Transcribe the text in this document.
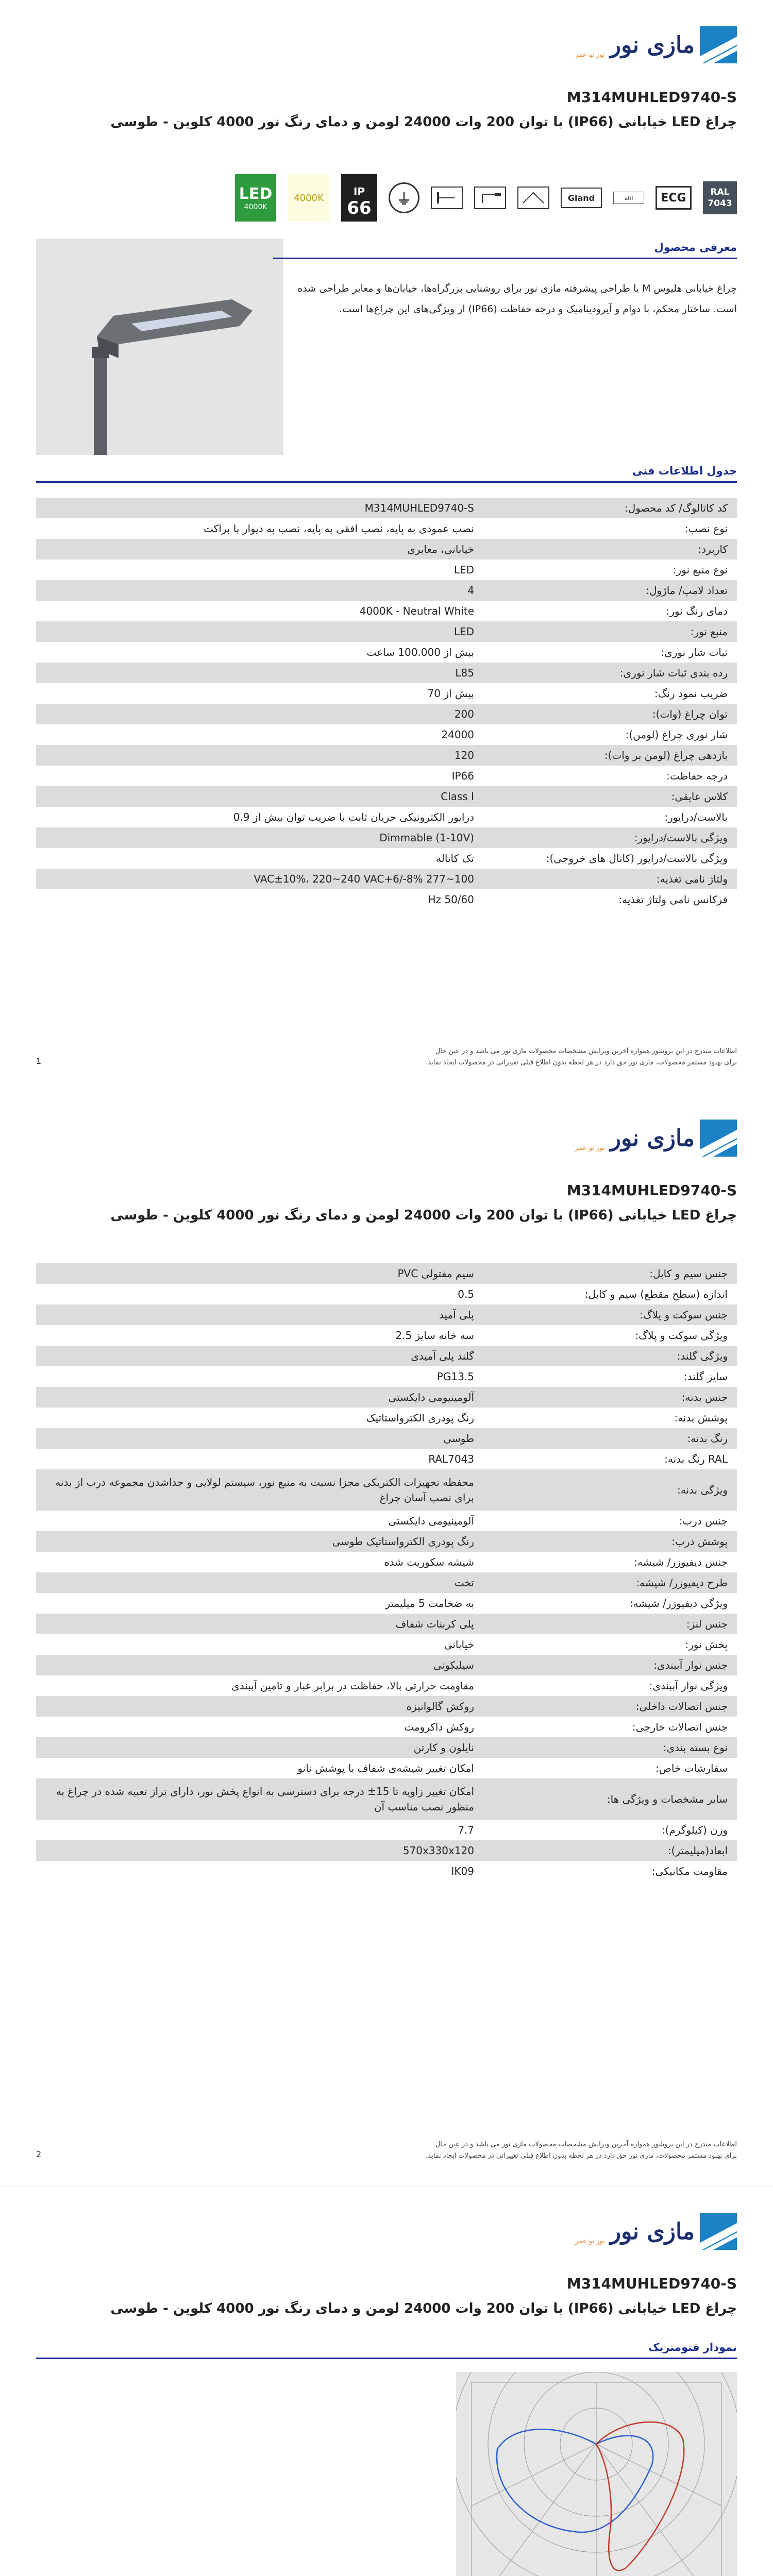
نور تو عمر مازی نور
M314MUHLED9740-S
چراغ LED خیابانی (IP66) با توان 200 وات 24000 لومن و دمای رنگ نور 4000 کلوین - طوسی
RAL
7043
ECG
ahl
Gland
⏚
IP
66
4000K
LED
4000K
معرفی محصول
چراغ خیابانی هلیوس M با طراحی پیشرفته مازی نور برای روشنایی بزرگراه‌ها، خیابان‌ها و معابر طراحی شده است. ساختار محکم، با دوام و آیرودینامیک و درجه حفاظت (IP66) از ویژگی‌های این چراغ‌ها است.
جدول اطلاعات فنی
کد کاتالوگ/ کد محصول:
M314MUHLED9740-S
نوع نصب:
نصب عمودی به پایه، نصب افقی به پایه، نصب به دیوار با براکت
کاربرد:
خیابانی، معابری
نوع منبع نور:
LED
تعداد لامپ/ ماژول:
4
دمای رنگ نور:
4000K - Neutral White
منبع نور:
LED
ثبات شار نوری:
بیش از 100.000 ساعت
رده بندی ثبات شار نوری:
L85
ضریب نمود رنگ:
بیش از 70
توان چراغ (وات):
200
شار نوری چراغ (لومن):
24000
بازدهی چراغ (لومن بر وات):
120
درجه حفاظت:
IP66
کلاس عایقی:
Class I
بالاست/درایور:
درایور الکترونیکی جریان ثابت با ضریب توان بیش از 0.9
ویژگی بالاست/درایور:
Dimmable (1-10V)
ویژگی بالاست/درایور (کانال های خروجی):
تک کاناله
ولتاژ نامی تغذیه:
100~277 VAC±10%، 220~240 VAC+6/-8%
فرکانس نامی ولتاژ تغذیه:
50/60 Hz
اطلاعات مندرج در این بروشور همواره آخرین ویرایش مشخصات محصولات مازی نور می باشد و در عین حال
برای بهبود مستمر محصولات، مازی نور حق دارد در هر لحظه بدون اطلاع قبلی تغییراتی در محصولات ایجاد نماید.
1
نور تو عمر مازی نور
M314MUHLED9740-S
چراغ LED خیابانی (IP66) با توان 200 وات 24000 لومن و دمای رنگ نور 4000 کلوین - طوسی
جنس سیم و کابل:
سیم مفتولی PVC
اندازه (سطح مقطع) سیم و کابل:
0.5
جنس سوکت و پلاگ:
پلی آمید
ویژگی سوکت و پلاگ:
سه خانه سایز 2.5
ویژگی گلند:
گلند پلی آمیدی
سایز گلند:
PG13.5
جنس بدنه:
آلومینیومی دایکستی
پوشش بدنه:
رنگ پودری الکترواستاتیک
رنگ بدنه:
طوسی
RAL رنگ بدنه:
RAL7043
ویژگی بدنه:
محفظه تجهیزات الکتریکی مجزا نسبت به منبع نور، سیستم لولایی و جداشدن مجموعه درب از بدنه برای نصب آسان چراغ
جنس درب:
آلومینیومی دایکستی
پوشش درب:
رنگ پودری الکترواستاتیک طوسی
جنس دیفیوزر/ شیشه:
شیشه سکوریت شده
طرح دیفیوزر/ شیشه:
تخت
ویژگی دیفیوزر/ شیشه:
به ضخامت 5 میلیمتر
جنس لنز:
پلی کربنات شفاف
پخش نور:
خیابانی
جنس نوار آببندی:
سیلیکونی
ویژگی نوار آببندی:
مقاومت حرارتی بالا، حفاظت در برابر غبار و تامین آببندی
جنس اتصالات داخلی:
روکش گالوانیزه
جنس اتصالات خارجی:
روکش داکرومت
نوع بسته بندی:
نایلون و کارتن
سفارشات خاص:
امکان تغییر شیشه‌ی شفاف با پوشش نانو
سایر مشخصات و ویژگی ها:
امکان تغییر زاویه تا 15± درجه برای دسترسی به انواع پخش نور، دارای تراز تعبیه شده در چراغ به منظور نصب مناسب آن
وزن (کیلوگرم):
7.7
ابعاد(میلیمتر):
570x330x120
مقاومت مکانیکی:
IK09
اطلاعات مندرج در این بروشور همواره آخرین ویرایش مشخصات محصولات مازی نور می باشد و در عین حال
برای بهبود مستمر محصولات، مازی نور حق دارد در هر لحظه بدون اطلاع قبلی تغییراتی در محصولات ایجاد نماید.
2
نور تو عمر مازی نور
M314MUHLED9740-S
چراغ LED خیابانی (IP66) با توان 200 وات 24000 لومن و دمای رنگ نور 4000 کلوین - طوسی
نمودار فتومتریک
